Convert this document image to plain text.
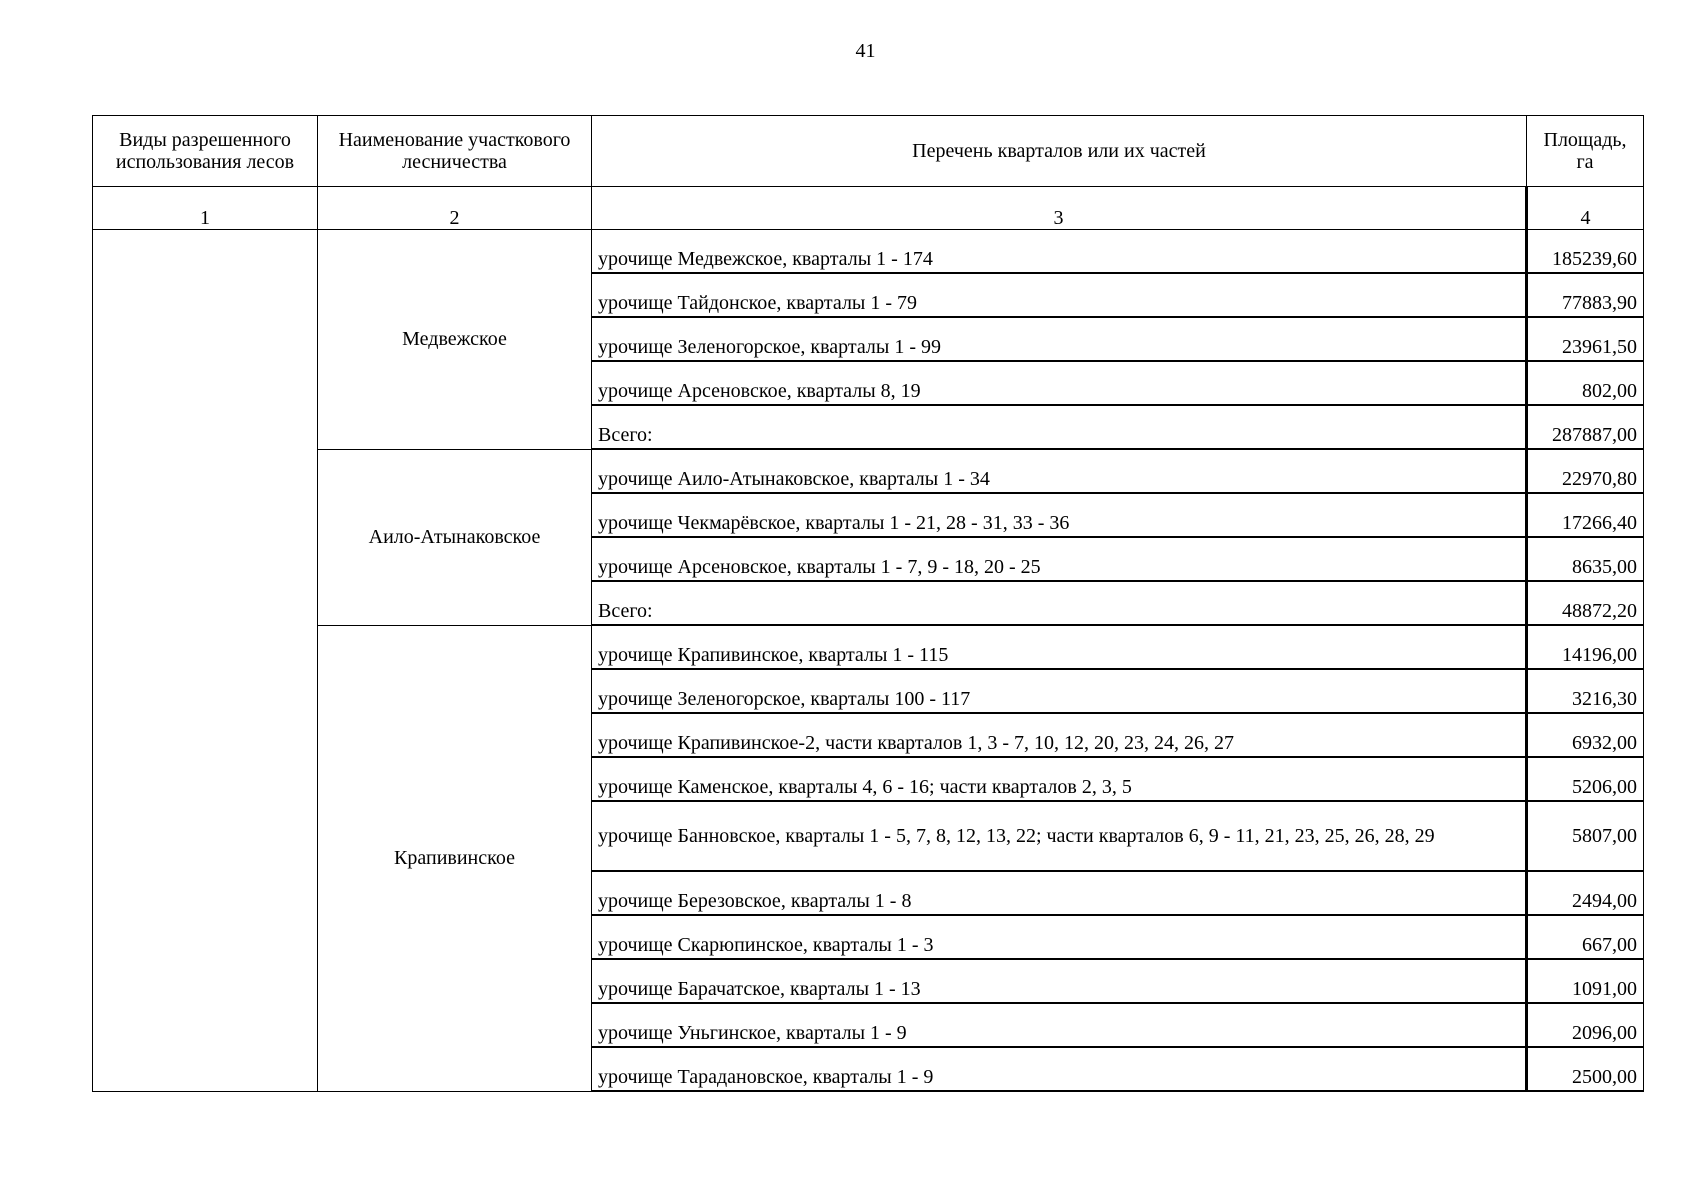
41
Виды разрешенного использования лесов	Наименование участкового лесничества	Перечень кварталов или их частей	Площадь, га
1	2	3	4
	Медвежское	урочище Медвежское, кварталы 1 - 174	185239,60
		урочище Тайдонское, кварталы 1 - 79	77883,90
		урочище Зеленогорское, кварталы 1 - 99	23961,50
		урочище Арсеновское, кварталы 8, 19	802,00
		Всего:	287887,00
	Аило-Атынаковское	урочище Аило-Атынаковское, кварталы 1 - 34	22970,80
		урочище Чекмарёвское, кварталы 1 - 21, 28 - 31, 33 - 36	17266,40
		урочище Арсеновское, кварталы 1 - 7, 9 - 18, 20 - 25	8635,00
		Всего:	48872,20
	Крапивинское	урочище Крапивинское, кварталы 1 - 115	14196,00
		урочище Зеленогорское, кварталы 100 - 117	3216,30
		урочище Крапивинское-2, части кварталов 1, 3 - 7, 10, 12, 20, 23, 24, 26, 27	6932,00
		урочище Каменское, кварталы 4, 6 - 16; части кварталов 2, 3, 5	5206,00
		урочище Банновское, кварталы 1 - 5, 7, 8, 12, 13, 22; части кварталов 6, 9 - 11, 21, 23, 25, 26, 28, 29	5807,00
		урочище Березовское, кварталы 1 - 8	2494,00
		урочище Скарюпинское, кварталы 1 - 3	667,00
		урочище Барачатское, кварталы 1 - 13	1091,00
		урочище Уньгинское, кварталы 1 - 9	2096,00
		урочище Тарадановское, кварталы 1 - 9	2500,00
